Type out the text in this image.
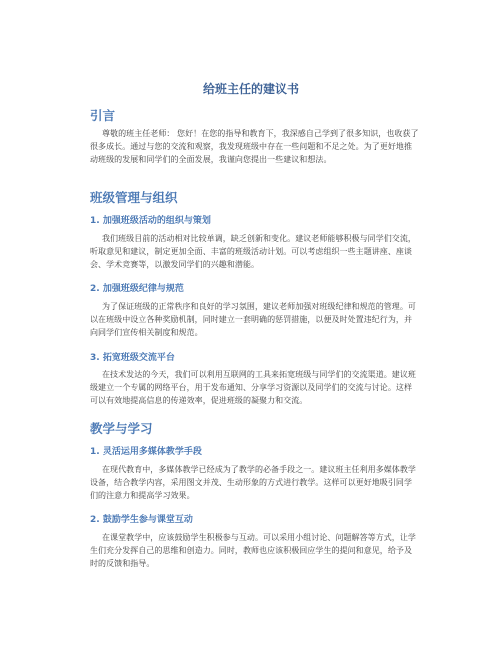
给班主任的建议书
引言

尊敬的班主任老师： 您好！在您的指导和教育下，我深感自己学到了很多知识，也收获了很多成长。通过与您的交流和观察，我发现班级中存在一些问题和不足之处。为了更好地推动班级的发展和同学们的全面发展，我谨向您提出一些建议和想法。

班级管理与组织
1. 加强班级活动的组织与策划

我们班级目前的活动相对比较单调，缺乏创新和变化。建议老师能够积极与同学们交流，听取意见和建议，制定更加全面、丰富的班级活动计划。可以考虑组织一些主题讲座、座谈会、学术竞赛等，以激发同学们的兴趣和潜能。

2. 加强班级纪律与规范

为了保证班级的正常秩序和良好的学习氛围，建议老师加强对班级纪律和规范的管理。可以在班级中设立各种奖励机制，同时建立一套明确的惩罚措施，以便及时处置违纪行为，并向同学们宣传相关制度和规范。

3. 拓宽班级交流平台

在技术发达的今天，我们可以利用互联网的工具来拓宽班级与同学们的交流渠道。建议班级建立一个专属的网络平台，用于发布通知、分享学习资源以及同学们的交流与讨论。这样可以有效地提高信息的传递效率，促进班级的凝聚力和交流。

教学与学习
1. 灵活运用多媒体教学手段

在现代教育中，多媒体教学已经成为了教学的必备手段之一。建议班主任利用多媒体教学设备，结合教学内容，采用图文并茂、生动形象的方式进行教学。这样可以更好地吸引同学们的注意力和提高学习效果。

2. 鼓励学生参与课堂互动

在课堂教学中，应该鼓励学生积极参与互动。可以采用小组讨论、问题解答等方式，让学生们充分发挥自己的思维和创造力。同时，教师也应该积极回应学生的提问和意见，给予及时的反馈和指导。
